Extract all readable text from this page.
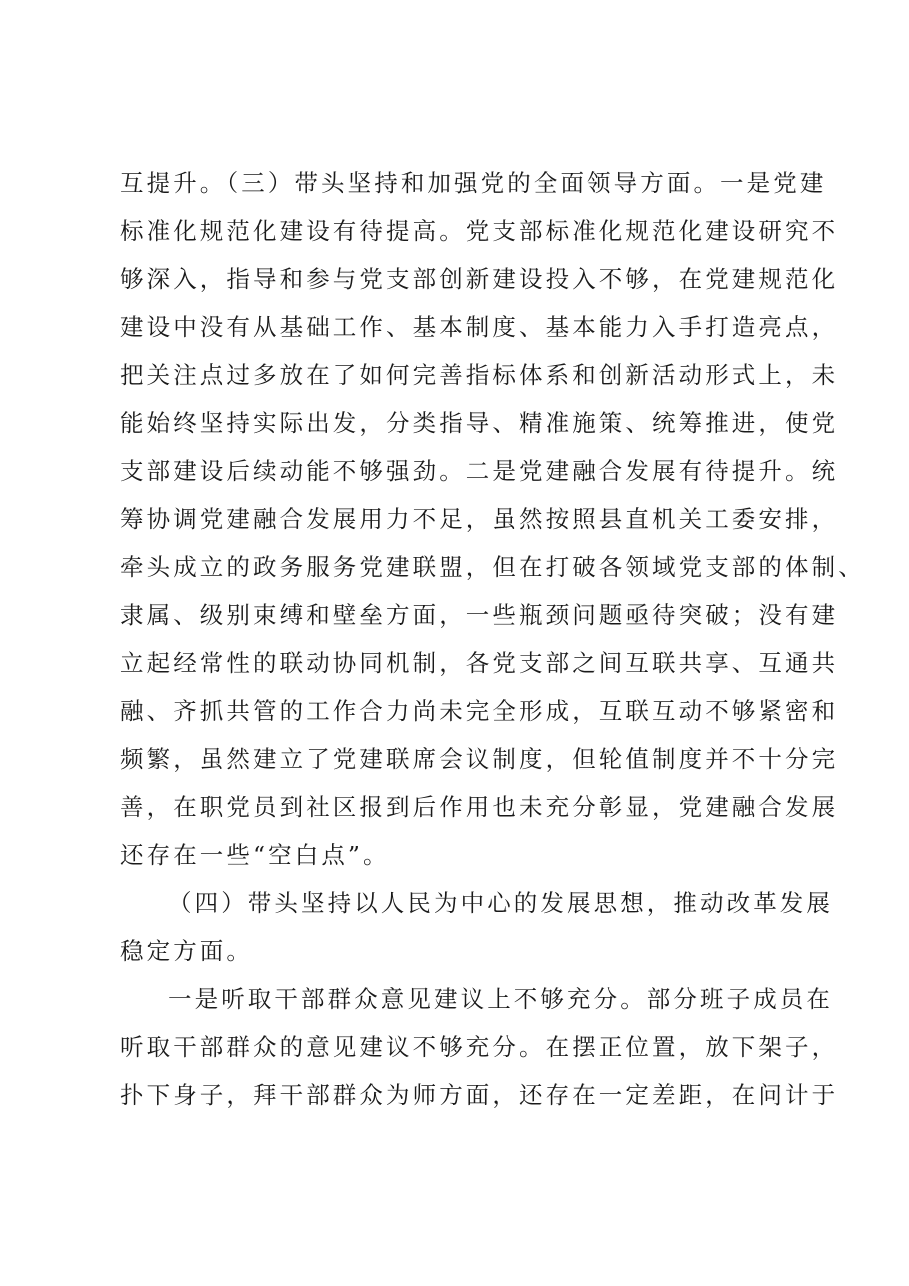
互提升。（三）带头坚持和加强党的全面领导方面。一是党建
标准化规范化建设有待提高。党支部标准化规范化建设研究不
够深入，指导和参与党支部创新建设投入不够，在党建规范化
建设中没有从基础工作、基本制度、基本能力入手打造亮点，
把关注点过多放在了如何完善指标体系和创新活动形式上，未
能始终坚持实际出发，分类指导、精准施策、统筹推进，使党
支部建设后续动能不够强劲。二是党建融合发展有待提升。统
筹协调党建融合发展用力不足，虽然按照县直机关工委安排，
牵头成立的政务服务党建联盟，但在打破各领域党支部的体制、
隶属、级别束缚和壁垒方面，一些瓶颈问题亟待突破；没有建
立起经常性的联动协同机制，各党支部之间互联共享、互通共
融、齐抓共管的工作合力尚未完全形成，互联互动不够紧密和
频繁，虽然建立了党建联席会议制度，但轮值制度并不十分完
善，在职党员到社区报到后作用也未充分彰显，党建融合发展
还存在一些“空白点”。
（四）带头坚持以人民为中心的发展思想，推动改革发展
稳定方面。
一是听取干部群众意见建议上不够充分。部分班子成员在
听取干部群众的意见建议不够充分。在摆正位置，放下架子，
扑下身子，拜干部群众为师方面，还存在一定差距，在问计于
